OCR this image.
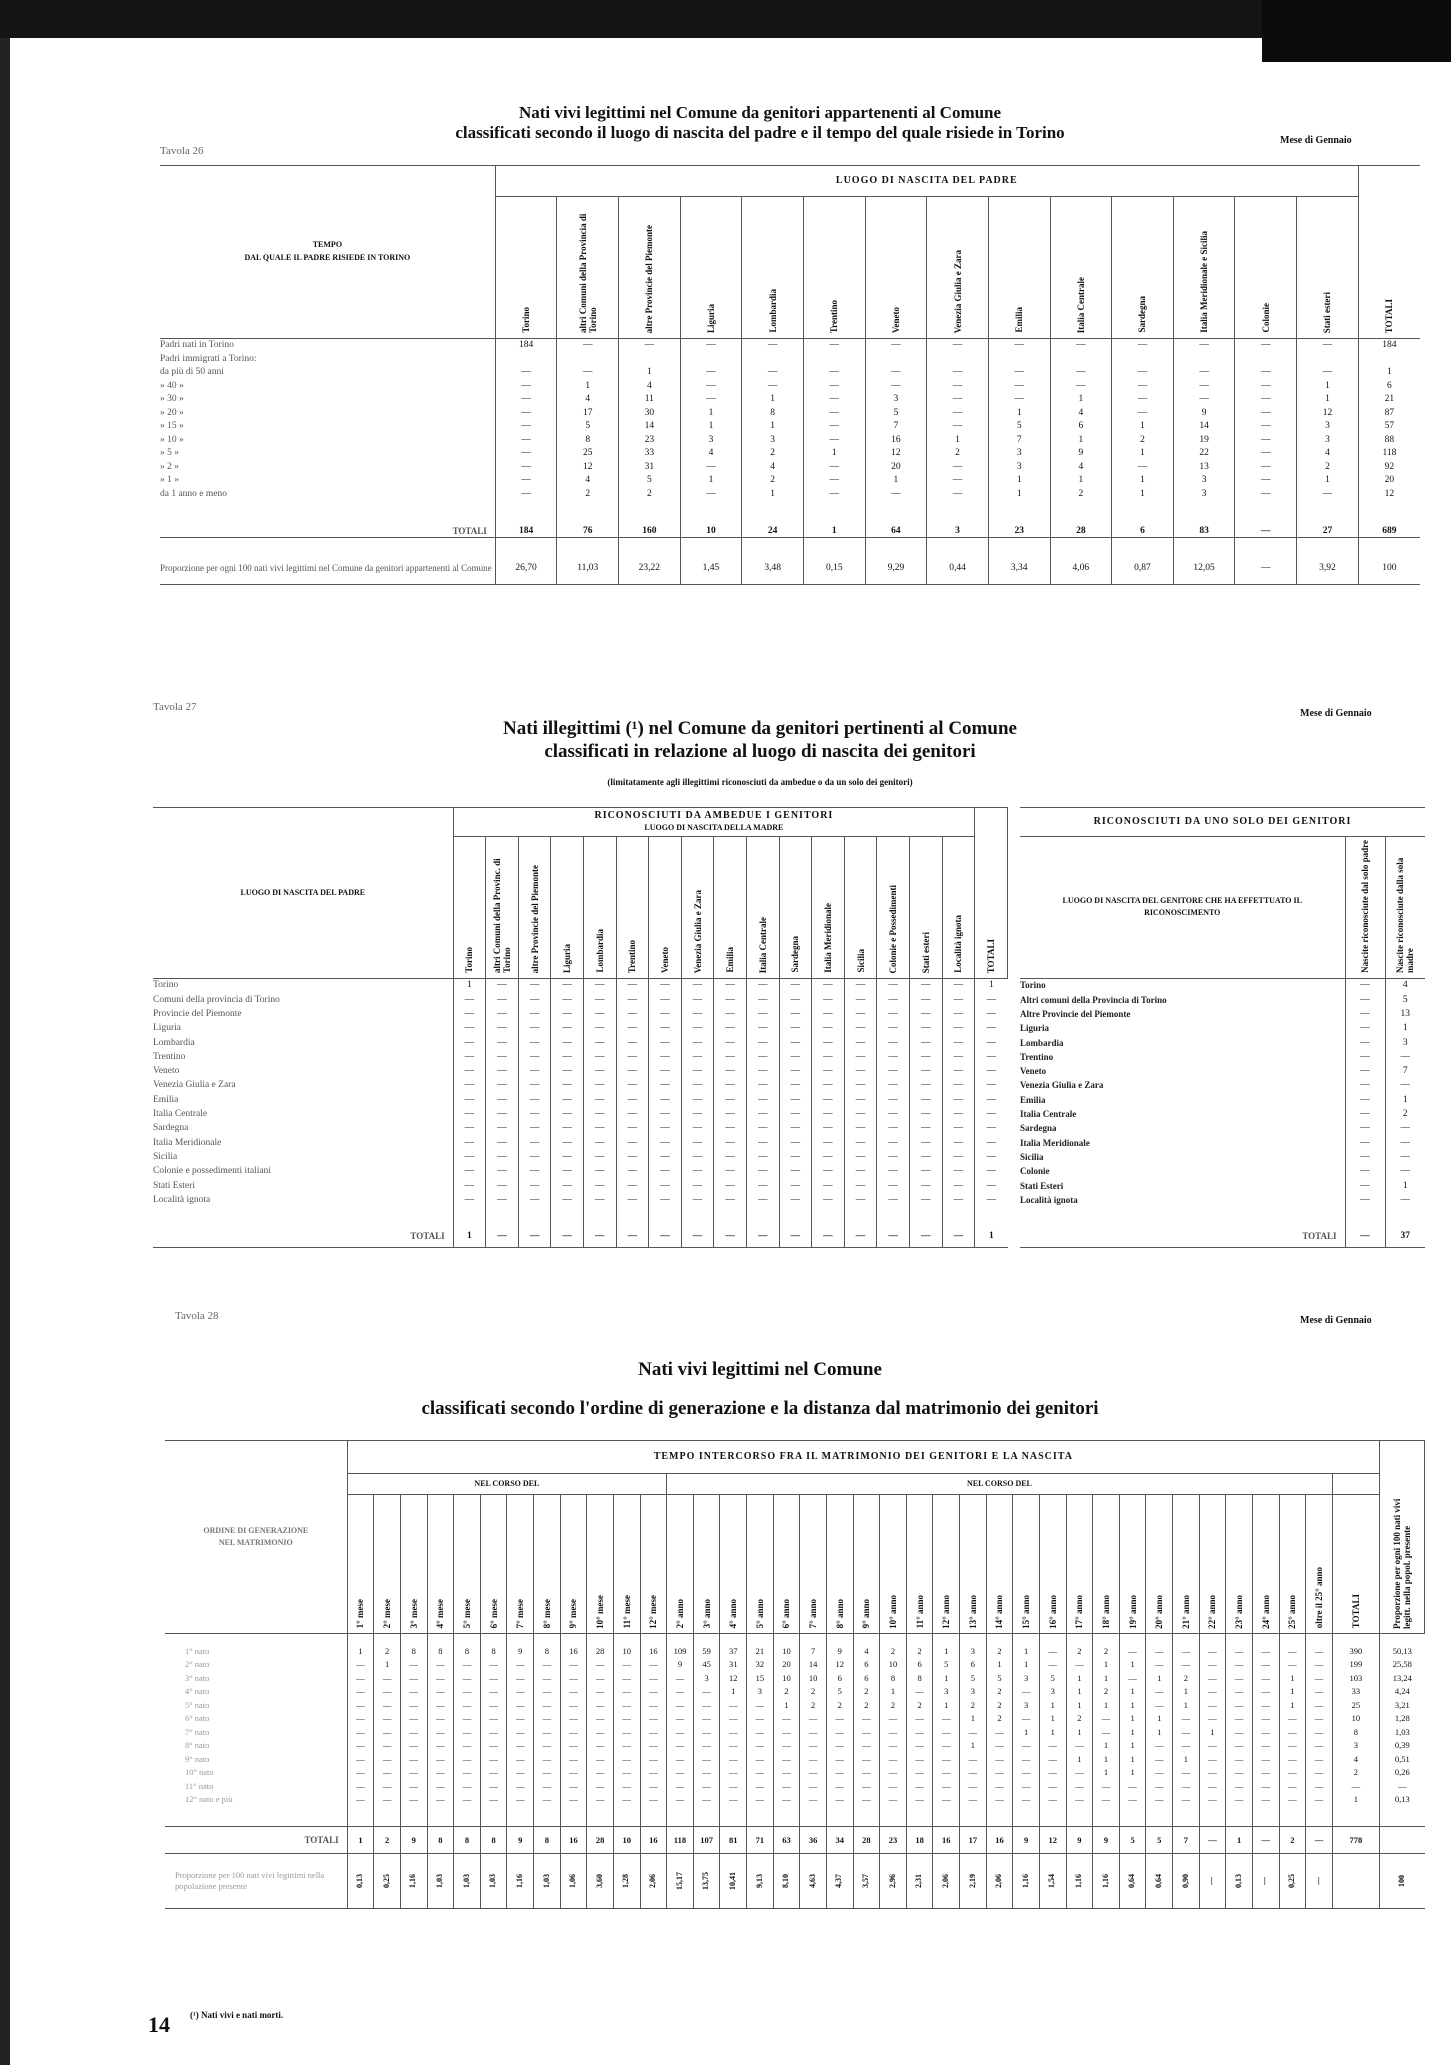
Tavola 26
Nati vivi legittimi nel Comune da genitori appartenenti al Comune
classificati secondo il luogo di nascita del padre e il tempo del quale risiede in Torino	Mese di Gennaio
TEMPO
DAL QUALE IL PADRE RISIEDE IN TORINO	LUOGO DI NASCITA DEL PADRE														TOTALI
	Torino	altri Comuni della Provincia di Torino	altre Provincie del Piemonte	Liguria	Lombardia	Trentino	Veneto	Venezia Giulia e Zara	Emilia	Italia Centrale	Sardegna	Italia Meridionale e Sicilia	Colonie	Stati esteri	
Padri nati in Torino	184	—	—	—	—	—	—	—	—	—	—	—	—	—	184
Padri immigrati a Torino:															
da più di 50 anni	—	—	1	—	—	—	—	—	—	—	—	—	—	—	1
» 40 »	—	1	4	—	—	—	—	—	—	—	—	—	—	1	6
» 30 »	—	4	11	—	1	—	3	—	—	1	—	—	—	1	21
» 20 »	—	17	30	1	8	—	5	—	1	4	—	9	—	12	87
» 15 »	—	5	14	1	1	—	7	—	5	6	1	14	—	3	57
» 10 »	—	8	23	3	3	—	16	1	7	1	2	19	—	3	88
» 5 »	—	25	33	4	2	1	12	2	3	9	1	22	—	4	118
» 2 »	—	12	31	—	4	—	20	—	3	4	—	13	—	2	92
» 1 »	—	4	5	1	2	—	1	—	1	1	1	3	—	1	20
da 1 anno e meno	—	2	2	—	1	—	—	—	1	2	1	3	—	—	12

TOTALI	184	76	160	10	24	1	64	3	23	28	6	83	—	27	689

Proporzione per ogni 100 nati vivi legittimi nel Comune da genitori appartenenti al Comune	26,70	11,03	23,22	1,45	3,48	0,15	9,29	0,44	3,34	4,06	0,87	12,05	—	3,92	100
Tavola 27
Mese di Gennaio
Nati illegittimi (¹) nel Comune da genitori pertinenti al Comune
classificati in relazione al luogo di nascita dei genitori
(limitatamente agli illegittimi riconosciuti da ambedue o da un solo dei genitori)
LUOGO DI NASCITA DEL PADRE	RICONOSCIUTI DA AMBEDUE I GENITORI
LUOGO DI NASCITA DELLA MADRE																TOTALI
	Torino	altri Comuni della Provinc. di Torino	altre Provincie del Piemonte	Liguria	Lombardia	Trentino	Veneto	Venezia Giulia e Zara	Emilia	Italia Centrale	Sardegna	Italia Meridionale	Sicilia	Colonie e Possedimenti	Stati esteri	Località ignota	
Torino	1	—	—	—	—	—	—	—	—	—	—	—	—	—	—	—	1
Comuni della provincia di Torino	—	—	—	—	—	—	—	—	—	—	—	—	—	—	—	—	—
Provincie del Piemonte	—	—	—	—	—	—	—	—	—	—	—	—	—	—	—	—	—
Liguria	—	—	—	—	—	—	—	—	—	—	—	—	—	—	—	—	—
Lombardia	—	—	—	—	—	—	—	—	—	—	—	—	—	—	—	—	—
Trentino	—	—	—	—	—	—	—	—	—	—	—	—	—	—	—	—	—
Veneto	—	—	—	—	—	—	—	—	—	—	—	—	—	—	—	—	—
Venezia Giulia e Zara	—	—	—	—	—	—	—	—	—	—	—	—	—	—	—	—	—
Emilia	—	—	—	—	—	—	—	—	—	—	—	—	—	—	—	—	—
Italia Centrale	—	—	—	—	—	—	—	—	—	—	—	—	—	—	—	—	—
Sardegna	—	—	—	—	—	—	—	—	—	—	—	—	—	—	—	—	—
Italia Meridionale	—	—	—	—	—	—	—	—	—	—	—	—	—	—	—	—	—
Sicilia	—	—	—	—	—	—	—	—	—	—	—	—	—	—	—	—	—
Colonie e possedimenti italiani	—	—	—	—	—	—	—	—	—	—	—	—	—	—	—	—	—
Stati Esteri	—	—	—	—	—	—	—	—	—	—	—	—	—	—	—	—	—
Località ignota	—	—	—	—	—	—	—	—	—	—	—	—	—	—	—	—	—

TOTALI	1	—	—	—	—	—	—	—	—	—	—	—	—	—	—	—	1
RICONOSCIUTI DA UNO SOLO DEI GENITORI		
LUOGO DI NASCITA DEL GENITORE CHE HA EFFETTUATO IL RICONOSCIMENTO	Nascite riconosciute dal solo padre	Nascite riconosciute dalla sola madre
Torino	—	4
Altri comuni della Provincia di Torino	—	5
Altre Provincie del Piemonte	—	13
Liguria	—	1
Lombardia	—	3
Trentino	—	—
Veneto	—	7
Venezia Giulia e Zara	—	—
Emilia	—	1
Italia Centrale	—	2
Sardegna	—	—
Italia Meridionale	—	—
Sicilia	—	—
Colonie	—	—
Stati Esteri	—	1
Località ignota	—	—

TOTALI	—	37
Tavola 28	Mese di Gennaio
Nati vivi legittimi nel Comune
classificati secondo l'ordine di generazione e la distanza dal matrimonio dei genitori
ORDINE DI GENERAZIONE NEL MATRIMONIO	TEMPO INTERCORSO FRA IL MATRIMONIO DEI GENITORI E LA NASCITA																																						Proporzione per ogni 100 nati vivi legitt. nella popol. presente
	NEL CORSO DEL												NEL CORSO DEL																										
	1° mese	2° mese	3° mese	4° mese	5° mese	6° mese	7° mese	8° mese	9° mese	10° mese	11° mese	12° mese	2° anno	3° anno	4° anno	5° anno	6° anno	7° anno	8° anno	9° anno	10° anno	11° anno	12° anno	13° anno	14° anno	15° anno	16° anno	17° anno	18° anno	19° anno	20° anno	21° anno	22° anno	23° anno	24° anno	25° anno	oltre il 25° anno	TOTALI	

1° nato	1	2	8	8	8	8	9	8	16	28	10	16	109	59	37	21	10	7	9	4	2	2	1	3	2	1	—	2	2	—	—	—	—	—	—	—	—	390	50,13
2° nato	—	1	—	—	—	—	—	—	—	—	—	—	9	45	31	32	20	14	12	6	10	6	5	6	1	1	—	—	1	1	—	—	—	—	—	—	—	199	25,58
3° nato	—	—	—	—	—	—	—	—	—	—	—	—	—	3	12	15	10	10	6	6	8	8	1	5	5	3	5	1	1	—	1	2	—	—	—	1	—	103	13,24
4° nato	—	—	—	—	—	—	—	—	—	—	—	—	—	—	1	3	2	2	5	2	1	—	3	3	2	—	3	1	2	1	—	1	—	—	—	1	—	33	4,24
5° nato	—	—	—	—	—	—	—	—	—	—	—	—	—	—	—	—	1	2	2	2	2	2	1	2	2	3	1	1	1	1	—	1	—	—	—	1	—	25	3,21
6° nato	—	—	—	—	—	—	—	—	—	—	—	—	—	—	—	—	—	—	—	—	—	—	—	1	2	—	1	2	—	1	1	—	—	—	—	—	—	10	1,28
7° nato	—	—	—	—	—	—	—	—	—	—	—	—	—	—	—	—	—	—	—	—	—	—	—	—	—	1	1	1	—	1	1	—	1	—	—	—	—	8	1,03
8° nato	—	—	—	—	—	—	—	—	—	—	—	—	—	—	—	—	—	—	—	—	—	—	—	1	—	—	—	—	1	1	—	—	—	—	—	—	—	3	0,39
9° nato	—	—	—	—	—	—	—	—	—	—	—	—	—	—	—	—	—	—	—	—	—	—	—	—	—	—	—	1	1	1	—	1	—	—	—	—	—	4	0,51
10° nato	—	—	—	—	—	—	—	—	—	—	—	—	—	—	—	—	—	—	—	—	—	—	—	—	—	—	—	—	1	1	—	—	—	—	—	—	—	2	0,26
11° nato	—	—	—	—	—	—	—	—	—	—	—	—	—	—	—	—	—	—	—	—	—	—	—	—	—	—	—	—	—	—	—	—	—	—	—	—	—	—	—
12° nato e più	—	—	—	—	—	—	—	—	—	—	—	—	—	—	—	—	—	—	—	—	—	—	—	—	—	—	—	—	—	—	—	—	—	—	—	—	—	1	0,13

TOTALI	1	2	9	8	8	8	9	8	16	28	10	16	118	107	81	71	63	36	34	28	23	18	16	17	16	9	12	9	9	5	5	7	—	1	—	2	—	778	
Proporzione per 100 nati vivi legittimi nella popolazione presente	0,13	0,25	1,16	1,03	1,03	1,03	1,16	1,03	1,06	3,60	1,28	2,06	15,17	13,75	10,41	9,13	8,10	4,63	4,37	3,57	2,96	2,31	2,06	2,19	2,06	1,16	1,54	1,16	1,16	0,64	0,64	0,90	—	0,13	—	0,25	—		100
(¹) Nati vivi e nati morti.
14
